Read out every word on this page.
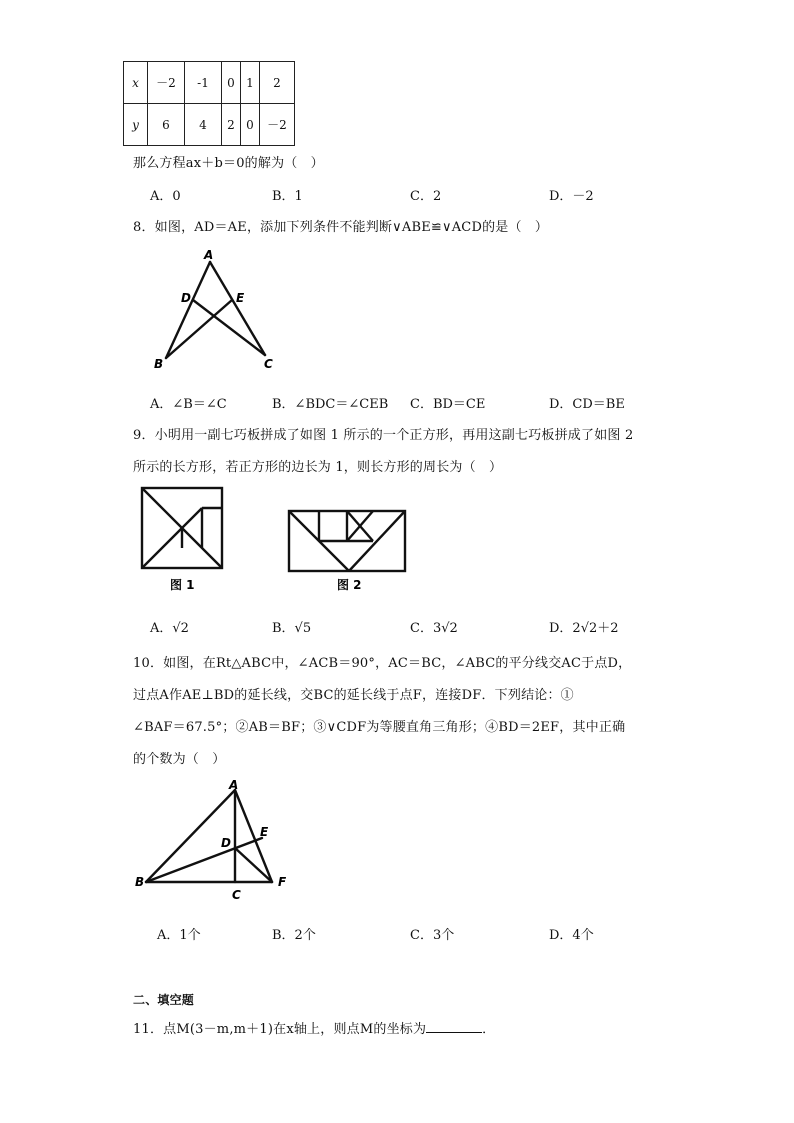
x	－2	-1	0	1	2
y	6	4	2	0	－2
那么方程ax＋b＝0的解为（　）
A．0	B．1	C．2	D．－2
8．如图，AD＝AE，添加下列条件不能判断∨ABE≌∨ACD的是（　）
A
D	E
B	C
A．∠B＝∠C	B．∠BDC＝∠CEB C．BD＝CE	D．CD＝BE
9．小明用一副七巧板拼成了如图 1 所示的一个正方形，再用这副七巧板拼成了如图 2
所示的长方形，若正方形的边长为 1，则长方形的周长为（　）
图 1	图 2
A．√2	B．√5	C．3√2	D．2√2＋2
10．如图，在Rt△ABC中，∠ACB＝90°，AC＝BC，∠ABC的平分线交AC于点D，
过点A作AE⊥BD的延长线，交BC的延长线于点F，连接DF．下列结论：①
∠BAF＝67.5°；②AB＝BF；③∨CDF为等腰直角三角形；④BD＝2EF，其中正确
的个数为（　）
A
D
E
B
C
F
A．1个	B．2个	C．3个	D．4个
二、填空题
11．点M(3－m,m＋1)在x轴上，则点M的坐标为	．
